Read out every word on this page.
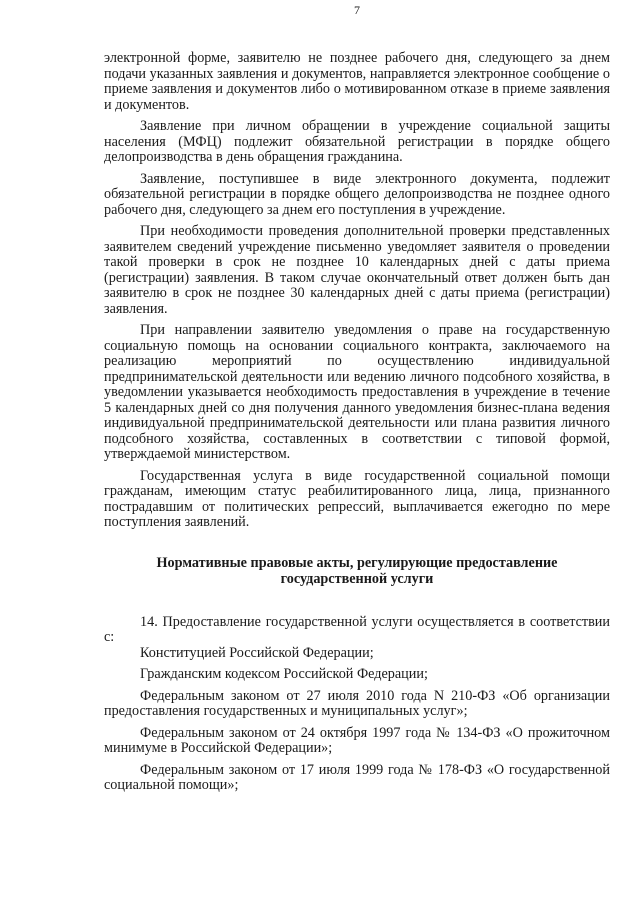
7

электронной форме, заявителю не позднее рабочего дня, следующего за днем подачи указанных заявления и документов, направляется электронное сообщение о приеме заявления и документов либо о мотивированном отказе в приеме заявления и документов.

Заявление при личном обращении в учреждение социальной защиты населения (МФЦ) подлежит обязательной регистрации в порядке общего делопроизводства в день обращения гражданина.

Заявление, поступившее в виде электронного документа, подлежит обязательной регистрации в порядке общего делопроизводства не позднее одного рабочего дня, следующего за днем его поступления в учреждение.

При необходимости проведения дополнительной проверки представленных заявителем сведений учреждение письменно уведомляет заявителя о проведении такой проверки в срок не позднее 10 календарных дней с даты приема (регистрации) заявления. В таком случае окончательный ответ должен быть дан заявителю в срок не позднее 30 календарных дней с даты приема (регистрации) заявления.

При направлении заявителю уведомления о праве на государственную социальную помощь на основании социального контракта, заключаемого на реализацию мероприятий по осуществлению индивидуальной предпринимательской деятельности или ведению личного подсобного хозяйства, в уведомлении указывается необходимость предоставления в учреждение в течение 5 календарных дней со дня получения данного уведомления бизнес-плана ведения индивидуальной предпринимательской деятельности или плана развития личного подсобного хозяйства, составленных в соответствии с типовой формой, утверждаемой министерством.

Государственная услуга в виде государственной социальной помощи гражданам, имеющим статус реабилитированного лица, лица, признанного пострадавшим от политических репрессий, выплачивается ежегодно по мере поступления заявлений.

Нормативные правовые акты, регулирующие предоставление государственной услуги

14. Предоставление государственной услуги осуществляется в соответствии с:

Конституцией Российской Федерации;

Гражданским кодексом Российской Федерации;

Федеральным законом от 27 июля 2010 года N 210-ФЗ «Об организации предоставления государственных и муниципальных услуг»;

Федеральным законом от 24 октября 1997 года № 134-ФЗ «О прожиточном минимуме в Российской Федерации»;

Федеральным законом от 17 июля 1999 года № 178-ФЗ «О государственной социальной помощи»;
